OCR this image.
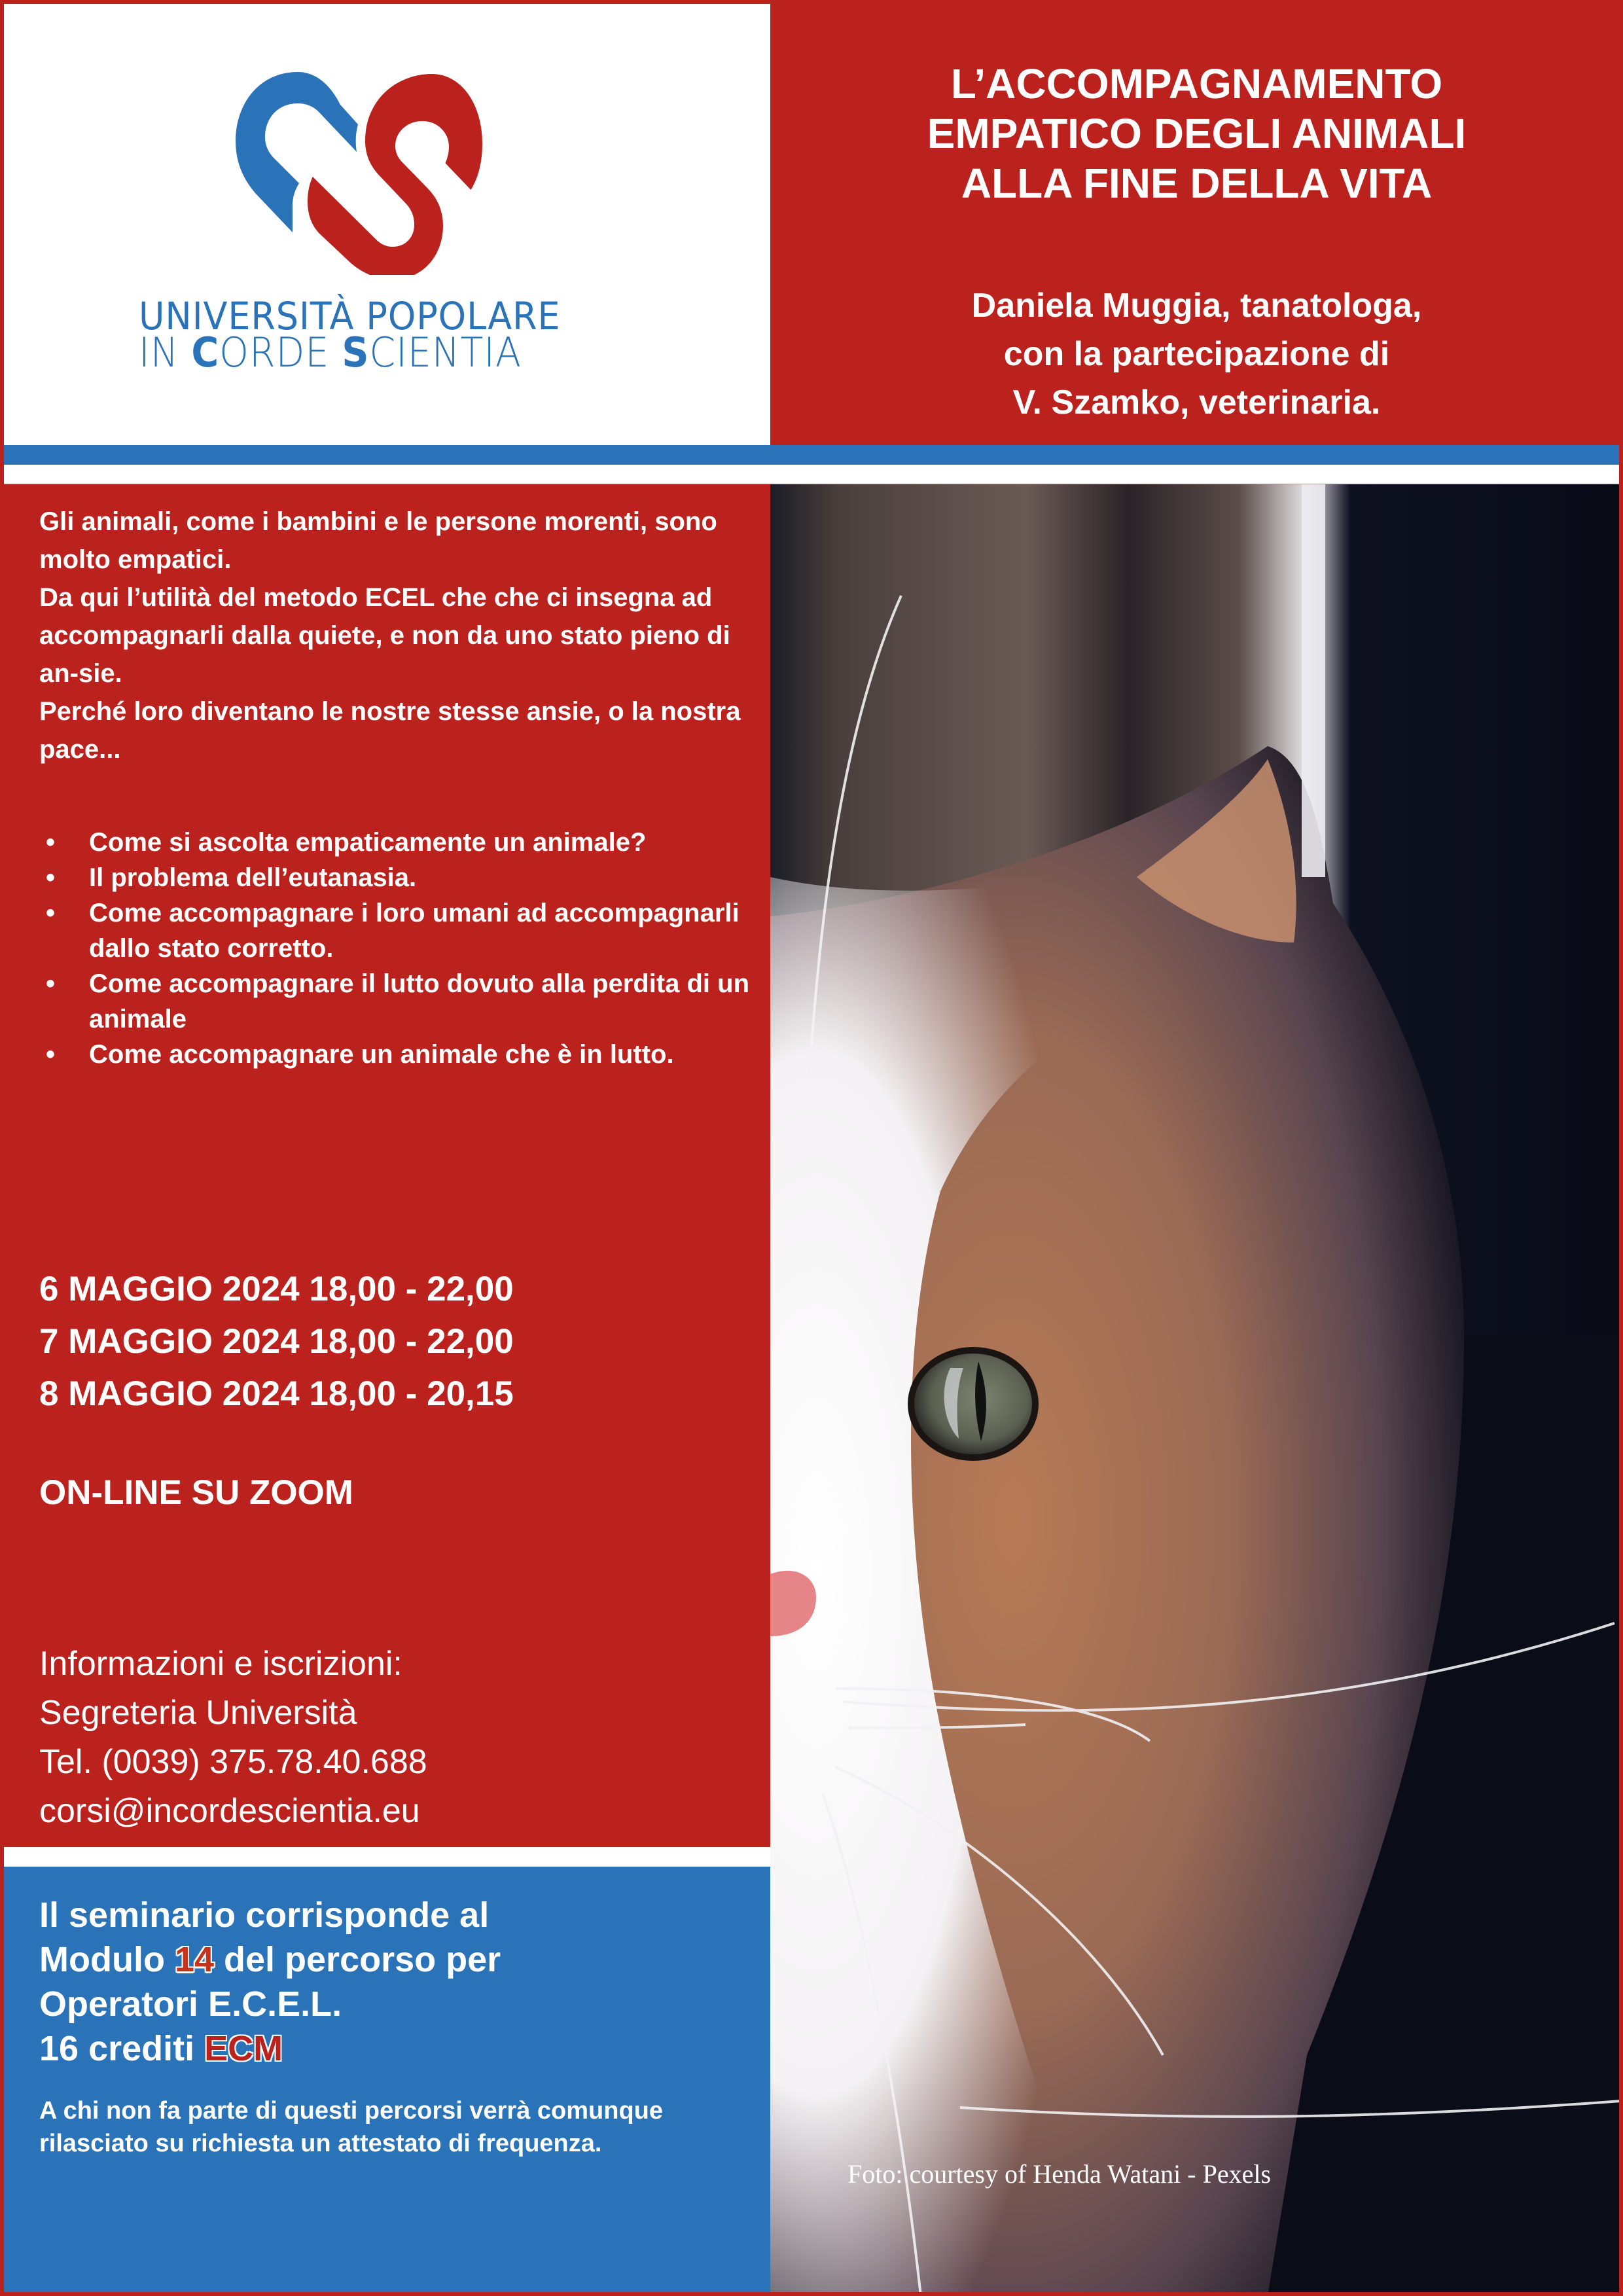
UNIVERSITÀ POPOLARE
IN CORDE SCIENTIA
L’ACCOMPAGNAMENTO
EMPATICO DEGLI ANIMALI
ALLA FINE DELLA VITA
Daniela Muggia, tanatologa,
con la partecipazione di
V. Szamko, veterinaria.

Gli animali, come i bambini e le persone morenti, sono molto empatici.

Da qui l’utilità del metodo ECEL che che ci insegna ad accompagnarli dalla quiete, e non da uno stato pieno di an-sie.

Perché loro diventano le nostre stesse ansie, o la nostra pace...

• Come si ascolta empaticamente un animale?
• Il problema dell’eutanasia.
• Come accompagnare i loro umani ad accompagnarli dallo stato corretto.
• Come accompagnare il lutto dovuto alla perdita di un animale
• Come accompagnare un animale che è in lutto.
6 MAGGIO 2024 18,00 - 22,00
7 MAGGIO 2024 18,00 - 22,00
8 MAGGIO 2024 18,00 - 20,15
ON-LINE SU ZOOM
Informazioni e iscrizioni:
Segreteria Università
Tel. (0039) 375.78.40.688
corsi@incordescientia.eu
Il seminario corrisponde al
Modulo 14 del percorso per
Operatori E.C.E.L.
16 crediti ECM
A chi non fa parte di questi percorsi verrà comunque rilasciato su richiesta un attestato di frequenza.
Foto: courtesy of Henda Watani - Pexels
